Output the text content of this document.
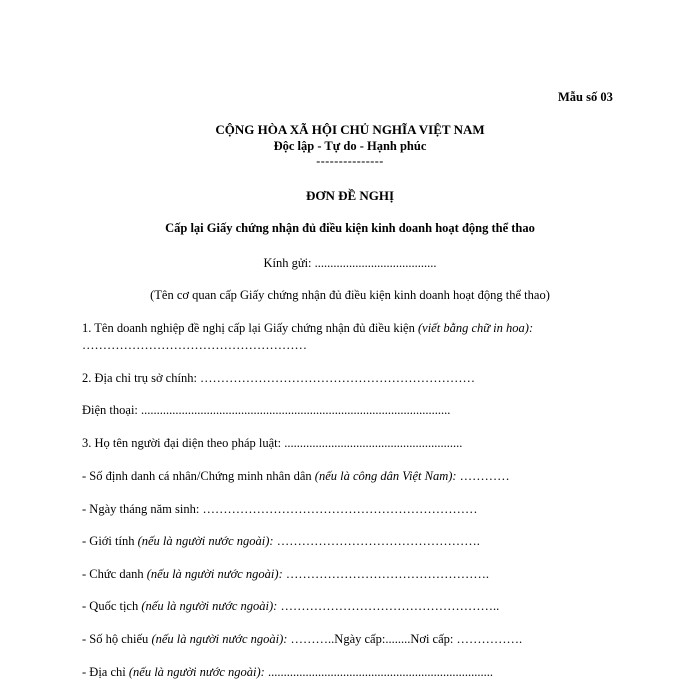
Mẫu số 03
CỘNG HÒA XÃ HỘI CHỦ NGHĨA VIỆT NAM
Độc lập - Tự do - Hạnh phúc
---------------
ĐƠN ĐỀ NGHỊ
Cấp lại Giấy chứng nhận đủ điều kiện kinh doanh hoạt động thể thao
Kính gửi: .......................................
(Tên cơ quan cấp Giấy chứng nhận đủ điều kiện kinh doanh hoạt động thể thao)
1. Tên doanh nghiệp đề nghị cấp lại Giấy chứng nhận đủ điều kiện (viết bằng chữ in hoa):
………………………………………………
2. Địa chỉ trụ sở chính: …………………………………………………………
Điện thoại: ...................................................................................................
3. Họ tên người đại diện theo pháp luật: .........................................................
- Số định danh cá nhân/Chứng minh nhân dân (nếu là công dân Việt Nam): …………
- Ngày tháng năm sinh: …………………………………………………………
- Giới tính (nếu là người nước ngoài): ………………………………………….
- Chức danh (nếu là người nước ngoài): ………………………………………….
- Quốc tịch (nếu là người nước ngoài): ……………………………………………..
- Số hộ chiếu (nếu là người nước ngoài): ………..Ngày cấp:........Nơi cấp: …………….
- Địa chỉ (nếu là người nước ngoài): ........................................................................
